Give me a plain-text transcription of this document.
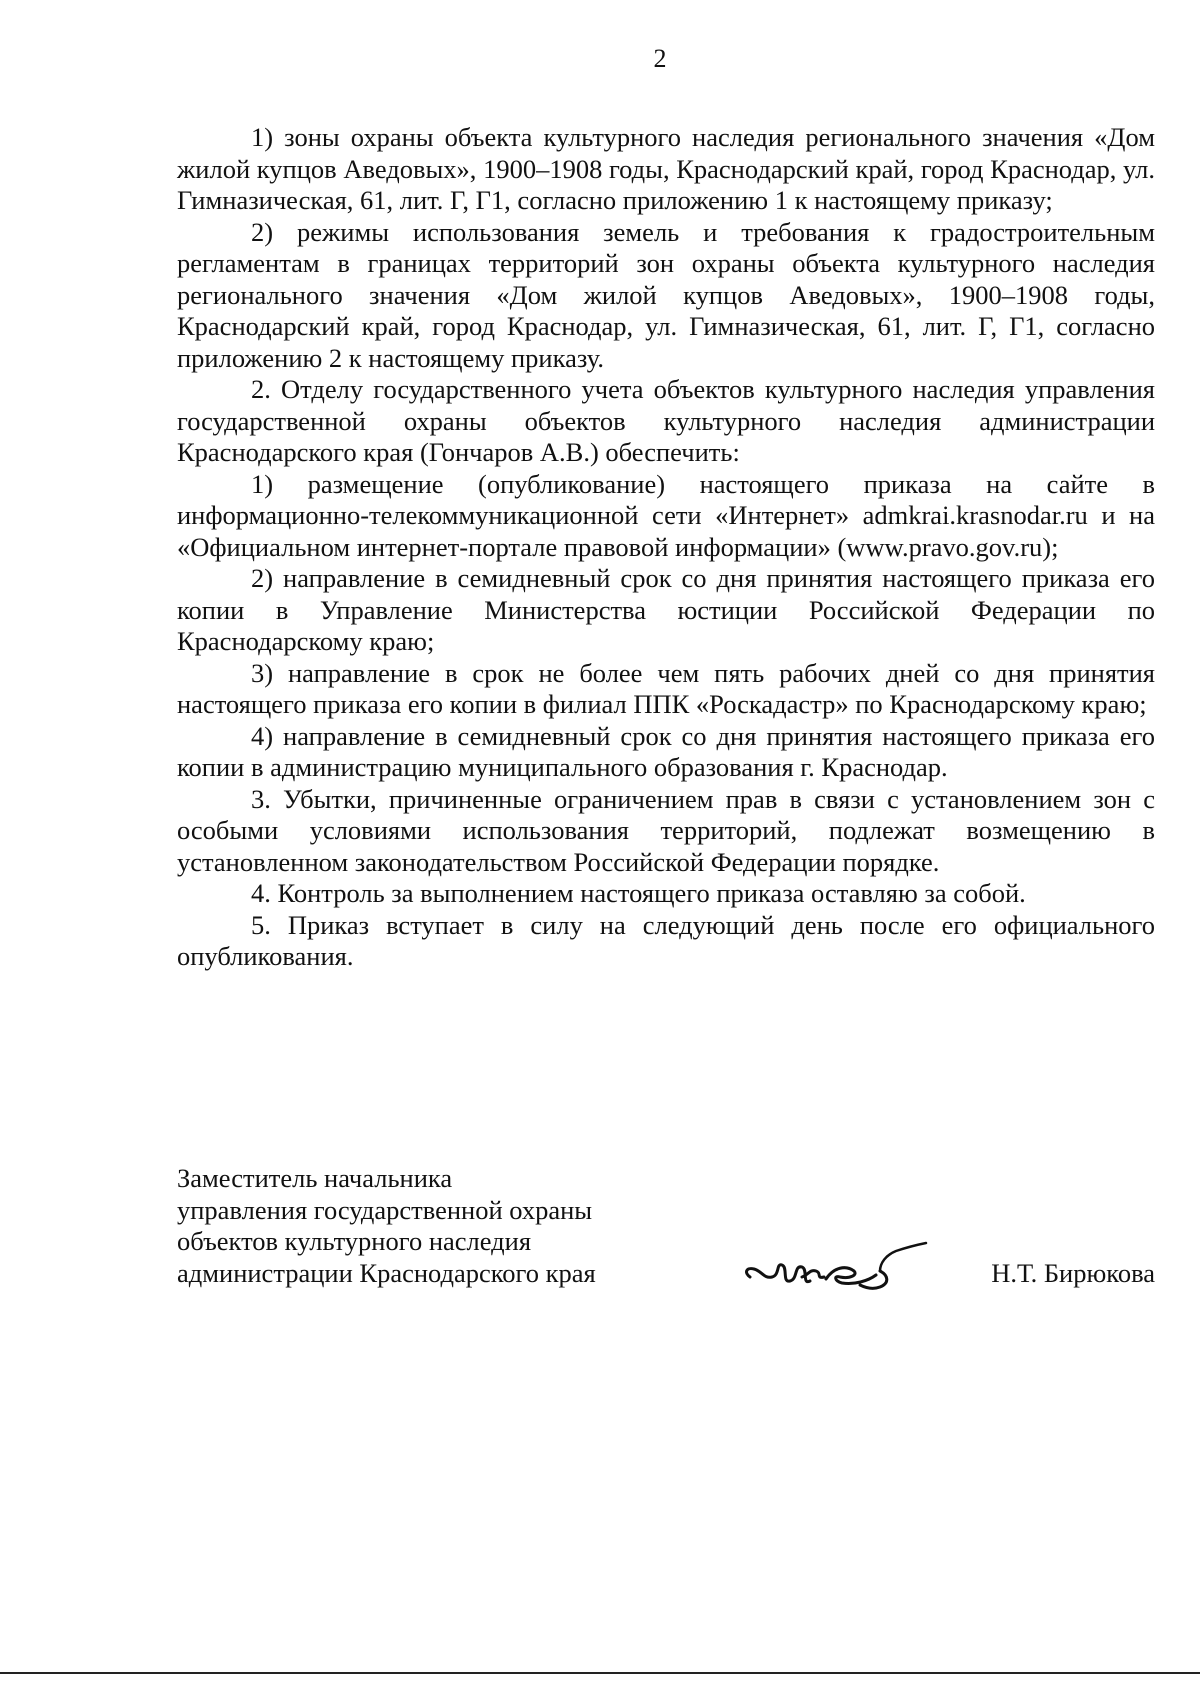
2

1) зоны охраны объекта культурного наследия регионального значения «Дом жилой купцов Аведовых», 1900–1908 годы, Краснодарский край, город Краснодар, ул. Гимназическая, 61, лит. Г, Г1, согласно приложению 1 к настоящему приказу;

2) режимы использования земель и требования к градостроительным регламентам в границах территорий зон охраны объекта культурного наследия регионального значения «Дом жилой купцов Аведовых», 1900–1908 годы, Краснодарский край, город Краснодар, ул. Гимназическая, 61, лит. Г, Г1, согласно приложению 2 к настоящему приказу.

2. Отделу государственного учета объектов культурного наследия управления государственной охраны объектов культурного наследия администрации Краснодарского края (Гончаров А.В.) обеспечить:

1) размещение (опубликование) настоящего приказа на сайте в информационно-телекоммуникационной сети «Интернет» admkrai.krasnodar.ru и на «Официальном интернет-портале правовой информации» (www.pravo.gov.ru);

2) направление в семидневный срок со дня принятия настоящего приказа его копии в Управление Министерства юстиции Российской Федерации по Краснодарскому краю;

3) направление в срок не более чем пять рабочих дней со дня принятия настоящего приказа его копии в филиал ППК «Роскадастр» по Краснодарскому краю;

4) направление в семидневный срок со дня принятия настоящего приказа его копии в администрацию муниципального образования г. Краснодар.

3. Убытки, причиненные ограничением прав в связи с установлением зон с особыми условиями использования территорий, подлежат возмещению в установленном законодательством Российской Федерации порядке.

4. Контроль за выполнением настоящего приказа оставляю за собой.

5. Приказ вступает в силу на следующий день после его официального опубликования.

Заместитель начальника
управления государственной охраны
объектов культурного наследия
администрации Краснодарского края	Н.Т. Бирюкова
